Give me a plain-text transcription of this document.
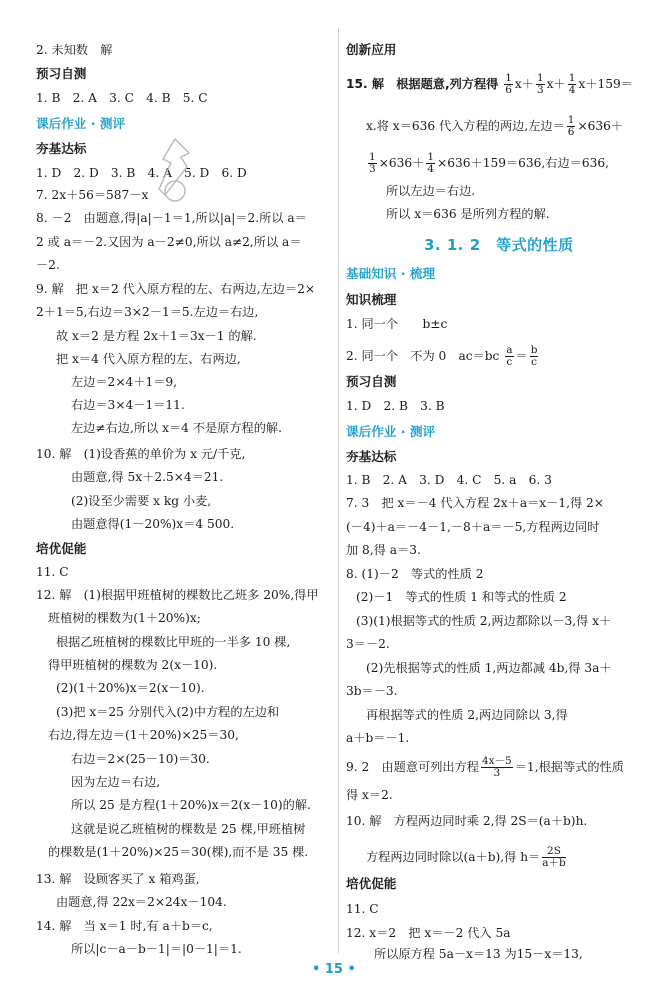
2. 未知数　解
预习自测
1. B　2. A　3. C　4. B　5. C
课后作业 · 测评
夯基达标
1. D　2. D　3. B　4. A　5. D　6. D
7. 2x＋56＝587－x
8. －2　由题意,得|a|－1＝1,所以|a|＝2.所以 a＝
2 或 a＝－2.又因为 a－2≠0,所以 a≠2,所以 a＝
－2.
9. 解　把 x＝2 代入原方程的左、右两边,左边＝2×
2＋1＝5,右边＝3×2－1＝5.左边＝右边,
故 x＝2 是方程 2x＋1＝3x－1 的解.
把 x＝4 代入原方程的左、右两边,
左边＝2×4＋1＝9,
右边＝3×4－1＝11.
左边≠右边,所以 x＝4 不是原方程的解.
10. 解　(1)设香蕉的单价为 x 元/千克,
由题意,得 5x＋2.5×4＝21.
(2)设至少需要 x kg 小麦,
由题意得(1－20%)x＝4 500.
培优促能
11. C
12. 解　(1)根据甲班植树的棵数比乙班多 20%,得甲
班植树的棵数为(1＋20%)x;
根据乙班植树的棵数比甲班的一半多 10 棵,
得甲班植树的棵数为 2(x－10).
(2)(1＋20%)x＝2(x－10).
(3)把 x＝25 分别代入(2)中方程的左边和
右边,得左边＝(1＋20%)×25＝30,
右边＝2×(25－10)＝30.
因为左边＝右边,
所以 25 是方程(1＋20%)x＝2(x－10)的解.
这就是说乙班植树的棵数是 25 棵,甲班植树
的棵数是(1＋20%)×25＝30(棵),而不是 35 棵.
13. 解　设顾客买了 x 箱鸡蛋,
由题意,得 22x＝2×24x－104.
14. 解　当 x＝1 时,有 a＋b＝c,
所以|c－a－b－1|＝|0－1|＝1.
创新应用
15. 解　根据题意,列方程得 $\frac{1}{6} x+ \frac{1}{3} x+ \frac{1}{4} x+159=$
x.将 x＝636 代入方程的两边,左边＝ $\frac{1}{6} \times 636+$
$\frac{1}{3} \times 636+ \frac{1}{4} \times 636+159=636$,右边＝636,
所以左边＝右边.
所以 x＝636 是所列方程的解.
3. 1. 2　等式的性质
基础知识 · 梳理
知识梳理
1. 同一个　　b±c
2. 同一个　不为 0　$ac=bc \frac{a}{c} = \frac{b}{c}$
预习自测
1. D　2. B　3. B
课后作业 · 测评
夯基达标
1. B　2. A　3. D　4. C　5. a　6. 3
7. 3　把 x＝－4 代入方程 2x＋a＝x－1,得 2×
(－4)＋a＝－4－1,－8＋a＝－5,方程两边同时
加 8,得 a＝3.
8. (1)－2　等式的性质 2
(2)－1　等式的性质 1 和等式的性质 2
(3)(1)根据等式的性质 2,两边都除以－3,得 x＋
3＝－2.
(2)先根据等式的性质 1,两边都减 4b,得 3a＋
3b＝－3.
再根据等式的性质 2,两边同除以 3,得
a＋b＝－1.
9. 2　由题意可列出方程 $\frac{4x-5}{3} =1$,根据等式的性质
得 x＝2.
10. 解　方程两边同时乘 2,得 2S＝(a＋b)h.
方程两边同时除以(a＋b),得 $h= \frac{2S}{a+b}$
培优促能
11. C
12. x＝2　把 x＝－2 代入 5a
所以原方程 5a－x＝13 为15－x＝13,
• 15 •
